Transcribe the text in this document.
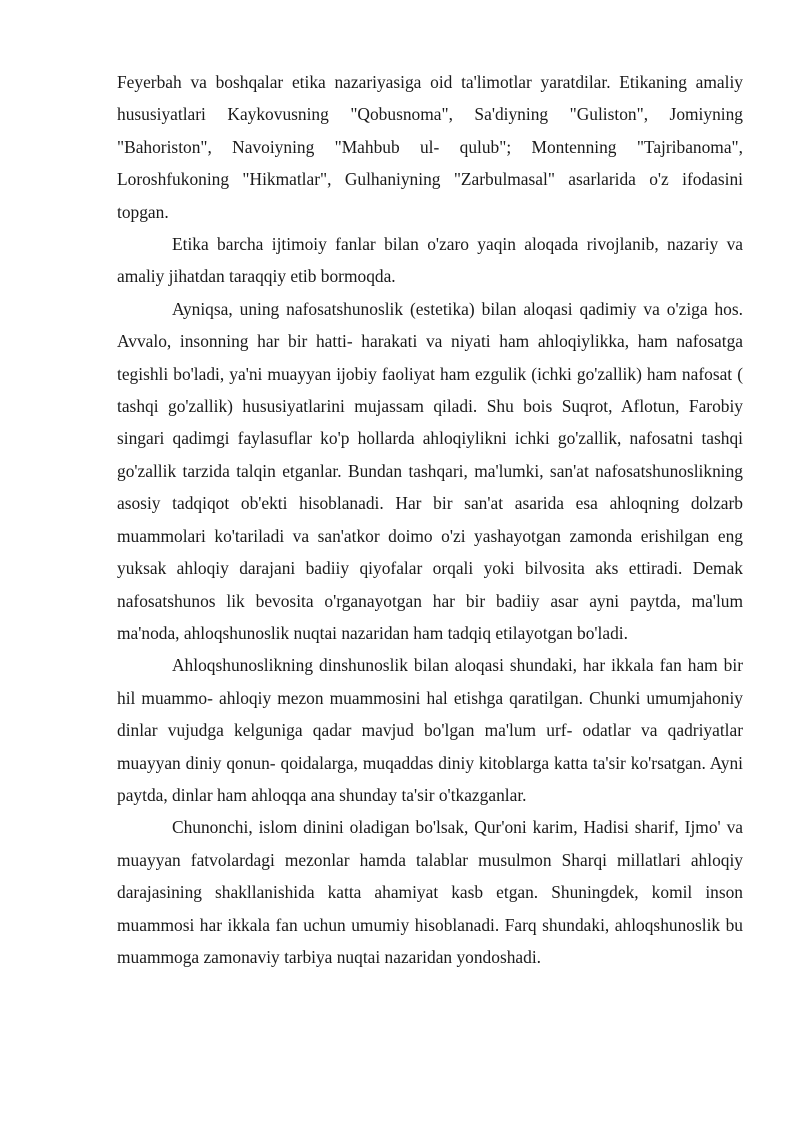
Feyerbah va boshqalar etika nazariyasiga oid ta'limotlar yaratdilar. Etikaning amaliy hususiyatlari Kaykovusning "Qobusnoma", Sa'diyning "Guliston", Jomiyning "Bahoriston", Navoiyning "Mahbub ul- qulub"; Montenning "Tajribanoma", Loroshfukoning "Hikmatlar", Gulhaniyning "Zarbulmasal" asarlarida o'z ifodasini topgan.

Etika barcha ijtimoiy fanlar bilan o'zaro yaqin aloqada rivojlanib, nazariy va amaliy jihatdan taraqqiy etib bormoqda.

Ayniqsa, uning nafosatshunoslik (estetika) bilan aloqasi qadimiy va o'ziga hos. Avvalo, insonning har bir hatti- harakati va niyati ham ahloqiylikka, ham nafosatga tegishli bo'ladi, ya'ni muayyan ijobiy faoliyat ham ezgulik (ichki go'zallik) ham nafosat ( tashqi go'zallik) hususiyatlarini mujassam qiladi. Shu bois Suqrot, Aflotun, Farobiy singari qadimgi faylasuflar ko'p hollarda ahloqiylikni ichki go'zallik, nafosatni tashqi go'zallik tarzida talqin etganlar. Bundan tashqari, ma'lumki, san'at nafosatshunoslikning asosiy tadqiqot ob'ekti hisoblanadi. Har bir san'at asarida esa ahloqning dolzarb muammolari ko'tariladi va san'atkor doimo o'zi yashayotgan zamonda erishilgan eng yuksak ahloqiy darajani badiiy qiyofalar orqali yoki bilvosita aks ettiradi. Demak nafosatshunos lik bevosita o'rganayotgan har bir badiiy asar ayni paytda, ma'lum ma'noda, ahloqshunoslik nuqtai nazaridan ham tadqiq etilayotgan bo'ladi.

Ahloqshunoslikning dinshunoslik bilan aloqasi shundaki, har ikkala fan ham bir hil muammo- ahloqiy mezon muammosini hal etishga qaratilgan. Chunki umumjahoniy dinlar vujudga kelguniga qadar mavjud bo'lgan ma'lum urf- odatlar va qadriyatlar muayyan diniy qonun- qoidalarga, muqaddas diniy kitoblarga katta ta'sir ko'rsatgan. Ayni paytda, dinlar ham ahloqqa ana shunday ta'sir o'tkazganlar.

Chunonchi, islom dinini oladigan bo'lsak, Qur'oni karim, Hadisi sharif, Ijmo' va muayyan fatvolardagi mezonlar hamda talablar musulmon Sharqi millatlari ahloqiy darajasining shakllanishida katta ahamiyat kasb etgan. Shuningdek, komil inson muammosi har ikkala fan uchun umumiy hisoblanadi. Farq shundaki, ahloqshunoslik bu muammoga zamonaviy tarbiya nuqtai nazaridan yondoshadi.
